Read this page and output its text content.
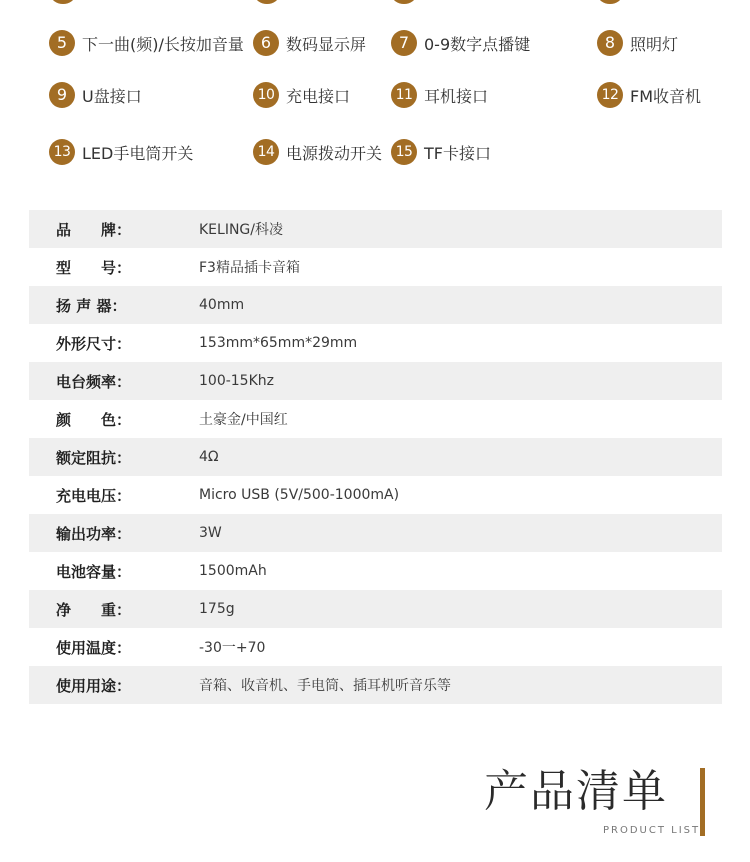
5 下一曲(频)/长按加音量	6 数码显示屏	7 0-9数字点播键	8 照明灯
9 U盘接口	10 充电接口	11 耳机接口	12 FM收音机
13 LED手电筒开关	14 电源拨动开关 15 TF卡接口
品　　牌：	KELING/科凌
型　　号：	F3精品插卡音箱
扬 声 器：	40mm
外形尺寸：	153mm*65mm*29mm
电台频率：	100-15Khz
颜　　色：	土豪金/中国红
额定阻抗：	4Ω
充电电压：	Micro USB (5V/500-1000mA)
输出功率：	3W
电池容量：	1500mAh
净　　重：	175g
使用温度：	-30一+70
使用用途：	音箱、收音机、手电筒、插耳机听音乐等
产品清单
PRODUCT LIST
